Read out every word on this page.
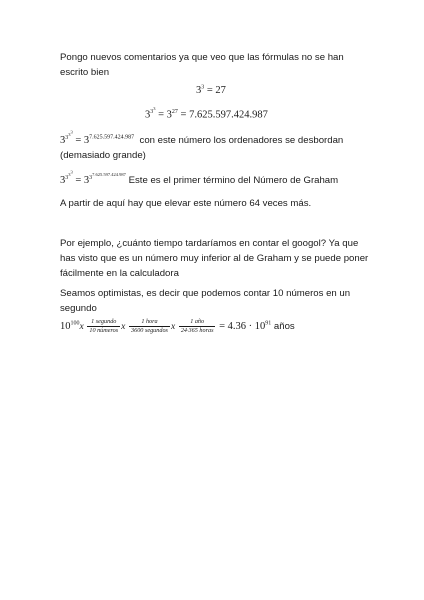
Pongo nuevos comentarios ya que veo que las fórmulas no se han escrito bien
$3^3 = 27$
$3^{3^3} = 3^{27} = 7.625.597.424.987$
$3^{3^{3^3}} = 3^{7.625.597.424.987}$ con este número los ordenadores se desbordan (demasiado grande)
$3^{3^{3^3}} = 3^{3^{7.625.597.424.987}}$ Este es el primer término del Número de Graham
A partir de aquí hay que elevar este número 64 veces más.
Por ejemplo, ¿cuánto tiempo tardaríamos en contar el googol? Ya que has visto que es un número muy inferior al de Graham y se puede poner fácilmente en la calculadora
Seamos optimistas, es decir que podemos contar 10 números en un segundo
$10^{100}x \frac{\text{1 segundo}}{\text{10 números}}$ x $\frac{\text{1 hora}}{\text{3600 segundos}}$ x $\frac{\text{1 año}}{\text{24·365 horas}} = 4.36 \cdot 10^{91}$ años
